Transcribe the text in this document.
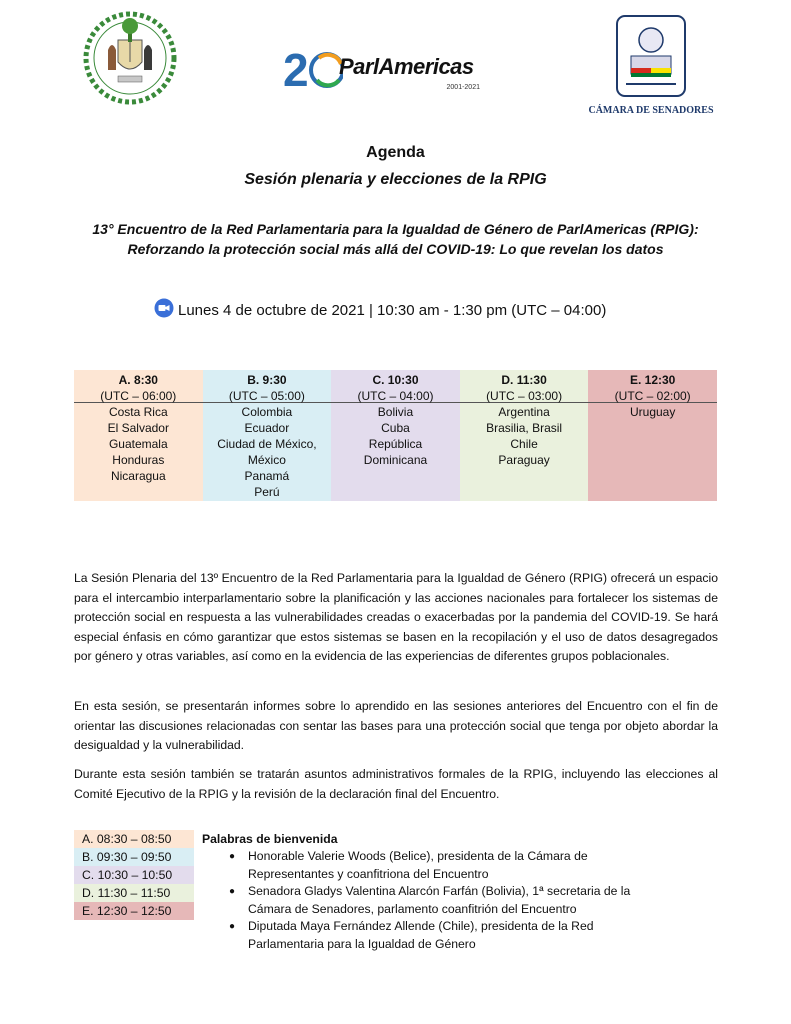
2 ParlAmericas
2001-2021
CÁMARA DE SENADORES
Agenda
Sesión plenaria y elecciones de la RPIG
13° Encuentro de la Red Parlamentaria para la Igualdad de Género de ParlAmericas (RPIG):
Reforzando la protección social más allá del COVID-19: Lo que revelan los datos
Lunes 4 de octubre de 2021 | 10:30 am - 1:30 pm (UTC – 04:00)
A. 8:30
(UTC – 06:00)
Costa Rica
El Salvador
Guatemala
Honduras
Nicaragua
B. 9:30
(UTC – 05:00)
Colombia
Ecuador
Ciudad de México,
México
Panamá
Perú
C. 10:30
(UTC – 04:00)
Bolivia
Cuba
República
Dominicana
D. 11:30
(UTC – 03:00)
Argentina
Brasilia, Brasil
Chile
Paraguay
E. 12:30
(UTC – 02:00)
Uruguay
La Sesión Plenaria del 13º Encuentro de la Red Parlamentaria para la Igualdad de Género (RPIG) ofrecerá un espacio para el intercambio interparlamentario sobre la planificación y las acciones nacionales para fortalecer los sistemas de protección social en respuesta a las vulnerabilidades creadas o exacerbadas por la pandemia del COVID-19. Se hará especial énfasis en cómo garantizar que estos sistemas se basen en la recopilación y el uso de datos desagregados por género y otras variables, así como en la evidencia de las experiencias de diferentes grupos poblacionales.
En esta sesión, se presentarán informes sobre lo aprendido en las sesiones anteriores del Encuentro con el fin de orientar las discusiones relacionadas con sentar las bases para una protección social que tenga por objeto abordar la desigualdad y la vulnerabilidad.
Durante esta sesión también se tratarán asuntos administrativos formales de la RPIG, incluyendo las elecciones al Comité Ejecutivo de la RPIG y la revisión de la declaración final del Encuentro.
A. 08:30 – 08:50
B. 09:30 – 09:50
C. 10:30 – 10:50
D. 11:30 – 11:50
E. 12:30 – 12:50
Palabras de bienvenida
● Honorable Valerie Woods (Belice), presidenta de la Cámara de Representantes y coanfitriona del Encuentro
● Senadora Gladys Valentina Alarcón Farfán (Bolivia), 1ª secretaria de la Cámara de Senadores, parlamento coanfitrión del Encuentro
● Diputada Maya Fernández Allende (Chile), presidenta de la Red Parlamentaria para la Igualdad de Género
